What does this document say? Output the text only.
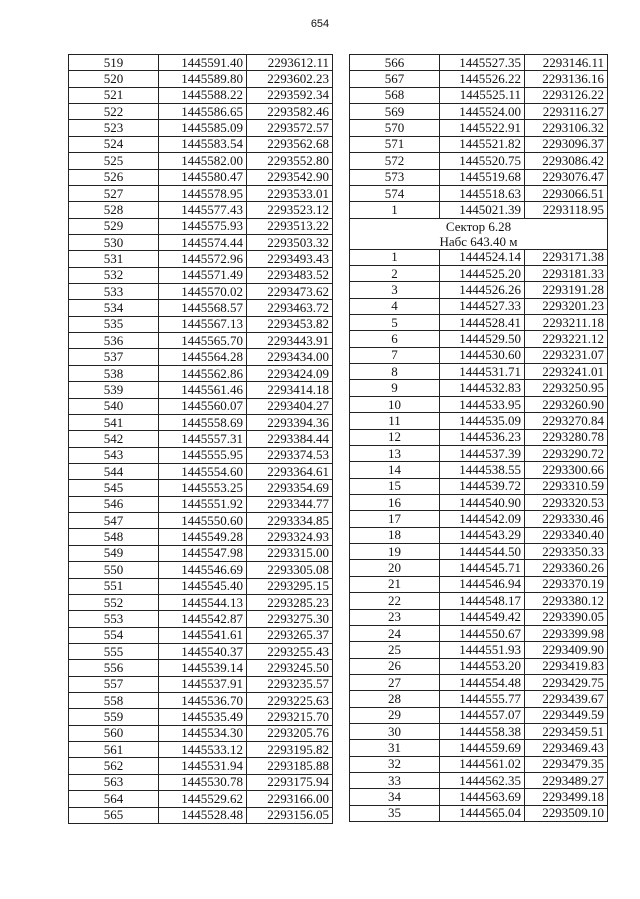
654
519	1445591.40	2293612.11
520	1445589.80	2293602.23
521	1445588.22	2293592.34
522	1445586.65	2293582.46
523	1445585.09	2293572.57
524	1445583.54	2293562.68
525	1445582.00	2293552.80
526	1445580.47	2293542.90
527	1445578.95	2293533.01
528	1445577.43	2293523.12
529	1445575.93	2293513.22
530	1445574.44	2293503.32
531	1445572.96	2293493.43
532	1445571.49	2293483.52
533	1445570.02	2293473.62
534	1445568.57	2293463.72
535	1445567.13	2293453.82
536	1445565.70	2293443.91
537	1445564.28	2293434.00
538	1445562.86	2293424.09
539	1445561.46	2293414.18
540	1445560.07	2293404.27
541	1445558.69	2293394.36
542	1445557.31	2293384.44
543	1445555.95	2293374.53
544	1445554.60	2293364.61
545	1445553.25	2293354.69
546	1445551.92	2293344.77
547	1445550.60	2293334.85
548	1445549.28	2293324.93
549	1445547.98	2293315.00
550	1445546.69	2293305.08
551	1445545.40	2293295.15
552	1445544.13	2293285.23
553	1445542.87	2293275.30
554	1445541.61	2293265.37
555	1445540.37	2293255.43
556	1445539.14	2293245.50
557	1445537.91	2293235.57
558	1445536.70	2293225.63
559	1445535.49	2293215.70
560	1445534.30	2293205.76
561	1445533.12	2293195.82
562	1445531.94	2293185.88
563	1445530.78	2293175.94
564	1445529.62	2293166.00
565	1445528.48	2293156.05
566	1445527.35	2293146.11
567	1445526.22	2293136.16
568	1445525.11	2293126.22
569	1445524.00	2293116.27
570	1445522.91	2293106.32
571	1445521.82	2293096.37
572	1445520.75	2293086.42
573	1445519.68	2293076.47
574	1445518.63	2293066.51
1	1445021.39	2293118.95

Сектор 6.28
Набс 643.40 м		

1	1444524.14	2293171.38
2	1444525.20	2293181.33
3	1444526.26	2293191.28
4	1444527.33	2293201.23
5	1444528.41	2293211.18
6	1444529.50	2293221.12
7	1444530.60	2293231.07
8	1444531.71	2293241.01
9	1444532.83	2293250.95
10	1444533.95	2293260.90
11	1444535.09	2293270.84
12	1444536.23	2293280.78
13	1444537.39	2293290.72
14	1444538.55	2293300.66
15	1444539.72	2293310.59
16	1444540.90	2293320.53
17	1444542.09	2293330.46
18	1444543.29	2293340.40
19	1444544.50	2293350.33
20	1444545.71	2293360.26
21	1444546.94	2293370.19
22	1444548.17	2293380.12
23	1444549.42	2293390.05
24	1444550.67	2293399.98
25	1444551.93	2293409.90
26	1444553.20	2293419.83
27	1444554.48	2293429.75
28	1444555.77	2293439.67
29	1444557.07	2293449.59
30	1444558.38	2293459.51
31	1444559.69	2293469.43
32	1444561.02	2293479.35
33	1444562.35	2293489.27
34	1444563.69	2293499.18
35	1444565.04	2293509.10
